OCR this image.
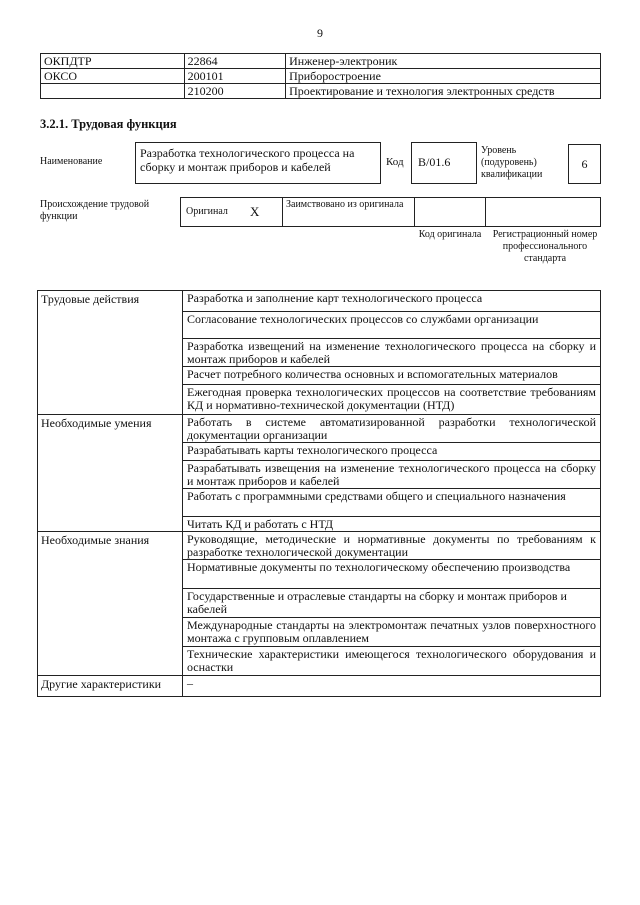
9
ОКПДТР	22864	Инженер-электроник
ОКСО	200101	Приборостроение
	210200	Проектирование и технология электронных средств
3.2.1. Трудовая функция
Наименование
Разработка технологического процесса на сборку и монтаж приборов и кабелей	Код	B/01.6
Уровень (подуровень) квалификации
6
Происхождение трудовой функции	Оригинал X	Заимствовано из оригинала
Код оригинала	Регистрационный номер профессионального стандарта
Трудовые действия	Разработка и заполнение карт технологического процесса
	Согласование технологических процессов со службами организации
	Разработка извещений на изменение технологического процесса на сборку и монтаж приборов и кабелей
	Расчет потребного количества основных и вспомогательных материалов
	Ежегодная проверка технологических процессов на соответствие требованиям КД и нормативно-технической документации (НТД)
Необходимые умения	Работать в системе автоматизированной разработки технологической документации организации
	Разрабатывать карты технологического процесса
	Разрабатывать извещения на изменение технологического процесса на сборку и монтаж приборов и кабелей
	Работать с программными средствами общего и специального назначения
	Читать КД и работать с НТД
Необходимые знания	Руководящие, методические и нормативные документы по требованиям к разработке технологической документации
	Нормативные документы по технологическому обеспечению производства
	Государственные и отраслевые стандарты на сборку и монтаж приборов и кабелей
	Международные стандарты на электромонтаж печатных узлов поверхностного монтажа с групповым оплавлением
	Технические характеристики имеющегося технологического оборудования и оснастки
Другие характеристики	–
